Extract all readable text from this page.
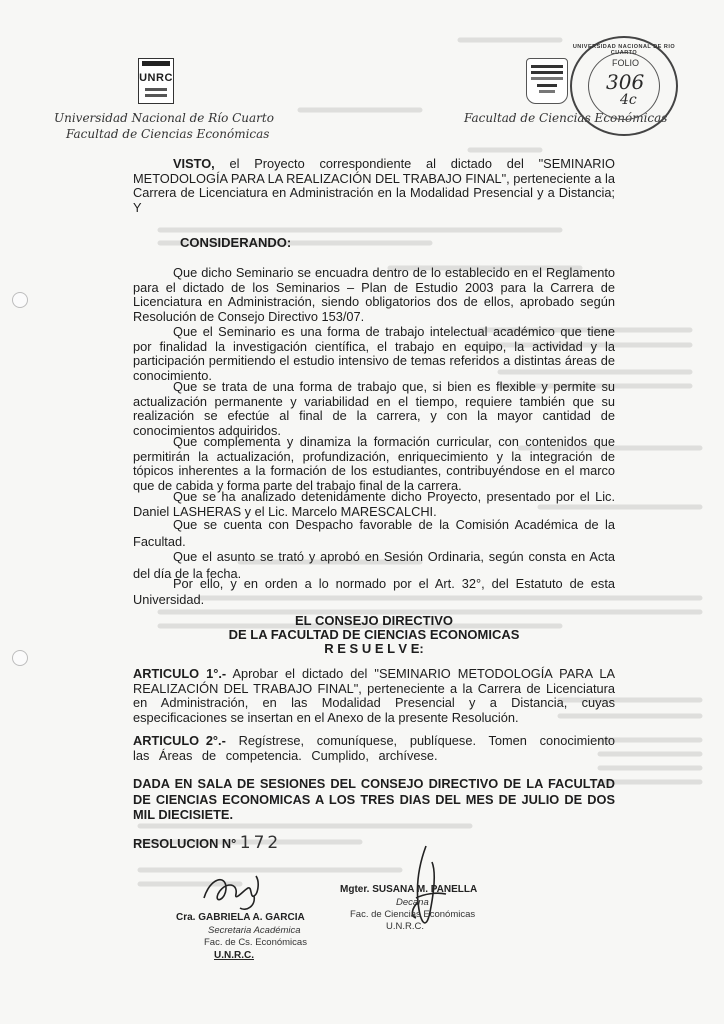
UNRC
Universidad Nacional de Río Cuarto
Facultad de Ciencias Económicas
Facultad de Ciencias Económicas
UNIVERSIDAD NACIONAL DE RIO CUARTO
FOLIO
306
4c

VISTO, el Proyecto correspondiente al dictado del "SEMINARIO METODOLOGÍA PARA LA REALIZACIÓN DEL TRABAJO FINAL", perteneciente a la Carrera de Licenciatura en Administración en la Modalidad Presencial y a Distancia; Y

CONSIDERANDO:

Que dicho Seminario se encuadra dentro de lo establecido en el Reglamento para el dictado de los Seminarios – Plan de Estudio 2003 para la Carrera de Licenciatura en Administración, siendo obligatorios dos de ellos, aprobado según Resolución de Consejo Directivo 153/07.

Que el Seminario es una forma de trabajo intelectual académico que tiene por finalidad la investigación científica, el trabajo en equipo, la actividad y la participación permitiendo el estudio intensivo de temas referidos a distintas áreas de conocimiento.

Que se trata de una forma de trabajo que, si bien es flexible y permite su actualización permanente y variabilidad en el tiempo, requiere también que su realización se efectúe al final de la carrera, y con la mayor cantidad de conocimientos adquiridos.

Que complementa y dinamiza la formación curricular, con contenidos que permitirán la actualización, profundización, enriquecimiento y la integración de tópicos inherentes a la formación de los estudiantes, contribuyéndose en el marco que de cabida y forma parte del trabajo final de la carrera.

Que se ha analizado detenidamente dicho Proyecto, presentado por el Lic. Daniel LASHERAS y el Lic. Marcelo MARESCALCHI.

Que se cuenta con Despacho favorable de la Comisión Académica de la Facultad.

Que el asunto se trató y aprobó en Sesión Ordinaria, según consta en Acta del día de la fecha.

Por ello, y en orden a lo normado por el Art. 32°, del Estatuto de esta Universidad.

EL CONSEJO DIRECTIVO
DE LA FACULTAD DE CIENCIAS ECONOMICAS
R E S U E L V E:

ARTICULO 1°.- Aprobar el dictado del "SEMINARIO METODOLOGÍA PARA LA REALIZACIÓN DEL TRABAJO FINAL", perteneciente a la Carrera de Licenciatura en Administración, en las Modalidad Presencial y a Distancia, cuyas especificaciones se insertan en el Anexo de la presente Resolución.

ARTICULO 2°.- Regístrese, comuníquese, publíquese. Tomen conocimiento las Áreas de competencia. Cumplido, archívese.

DADA EN SALA DE SESIONES DEL CONSEJO DIRECTIVO DE LA FACULTAD DE CIENCIAS ECONOMICAS A LOS TRES DIAS DEL MES DE JULIO DE DOS MIL DIECISIETE.

RESOLUCION N° 172
Cra. GABRIELA A. GARCIA
Secretaria Académica
Fac. de Cs. Económicas
U.N.R.C.
Mgter. SUSANA M. PANELLA
Decana
Fac. de Ciencias Económicas
U.N.R.C.
